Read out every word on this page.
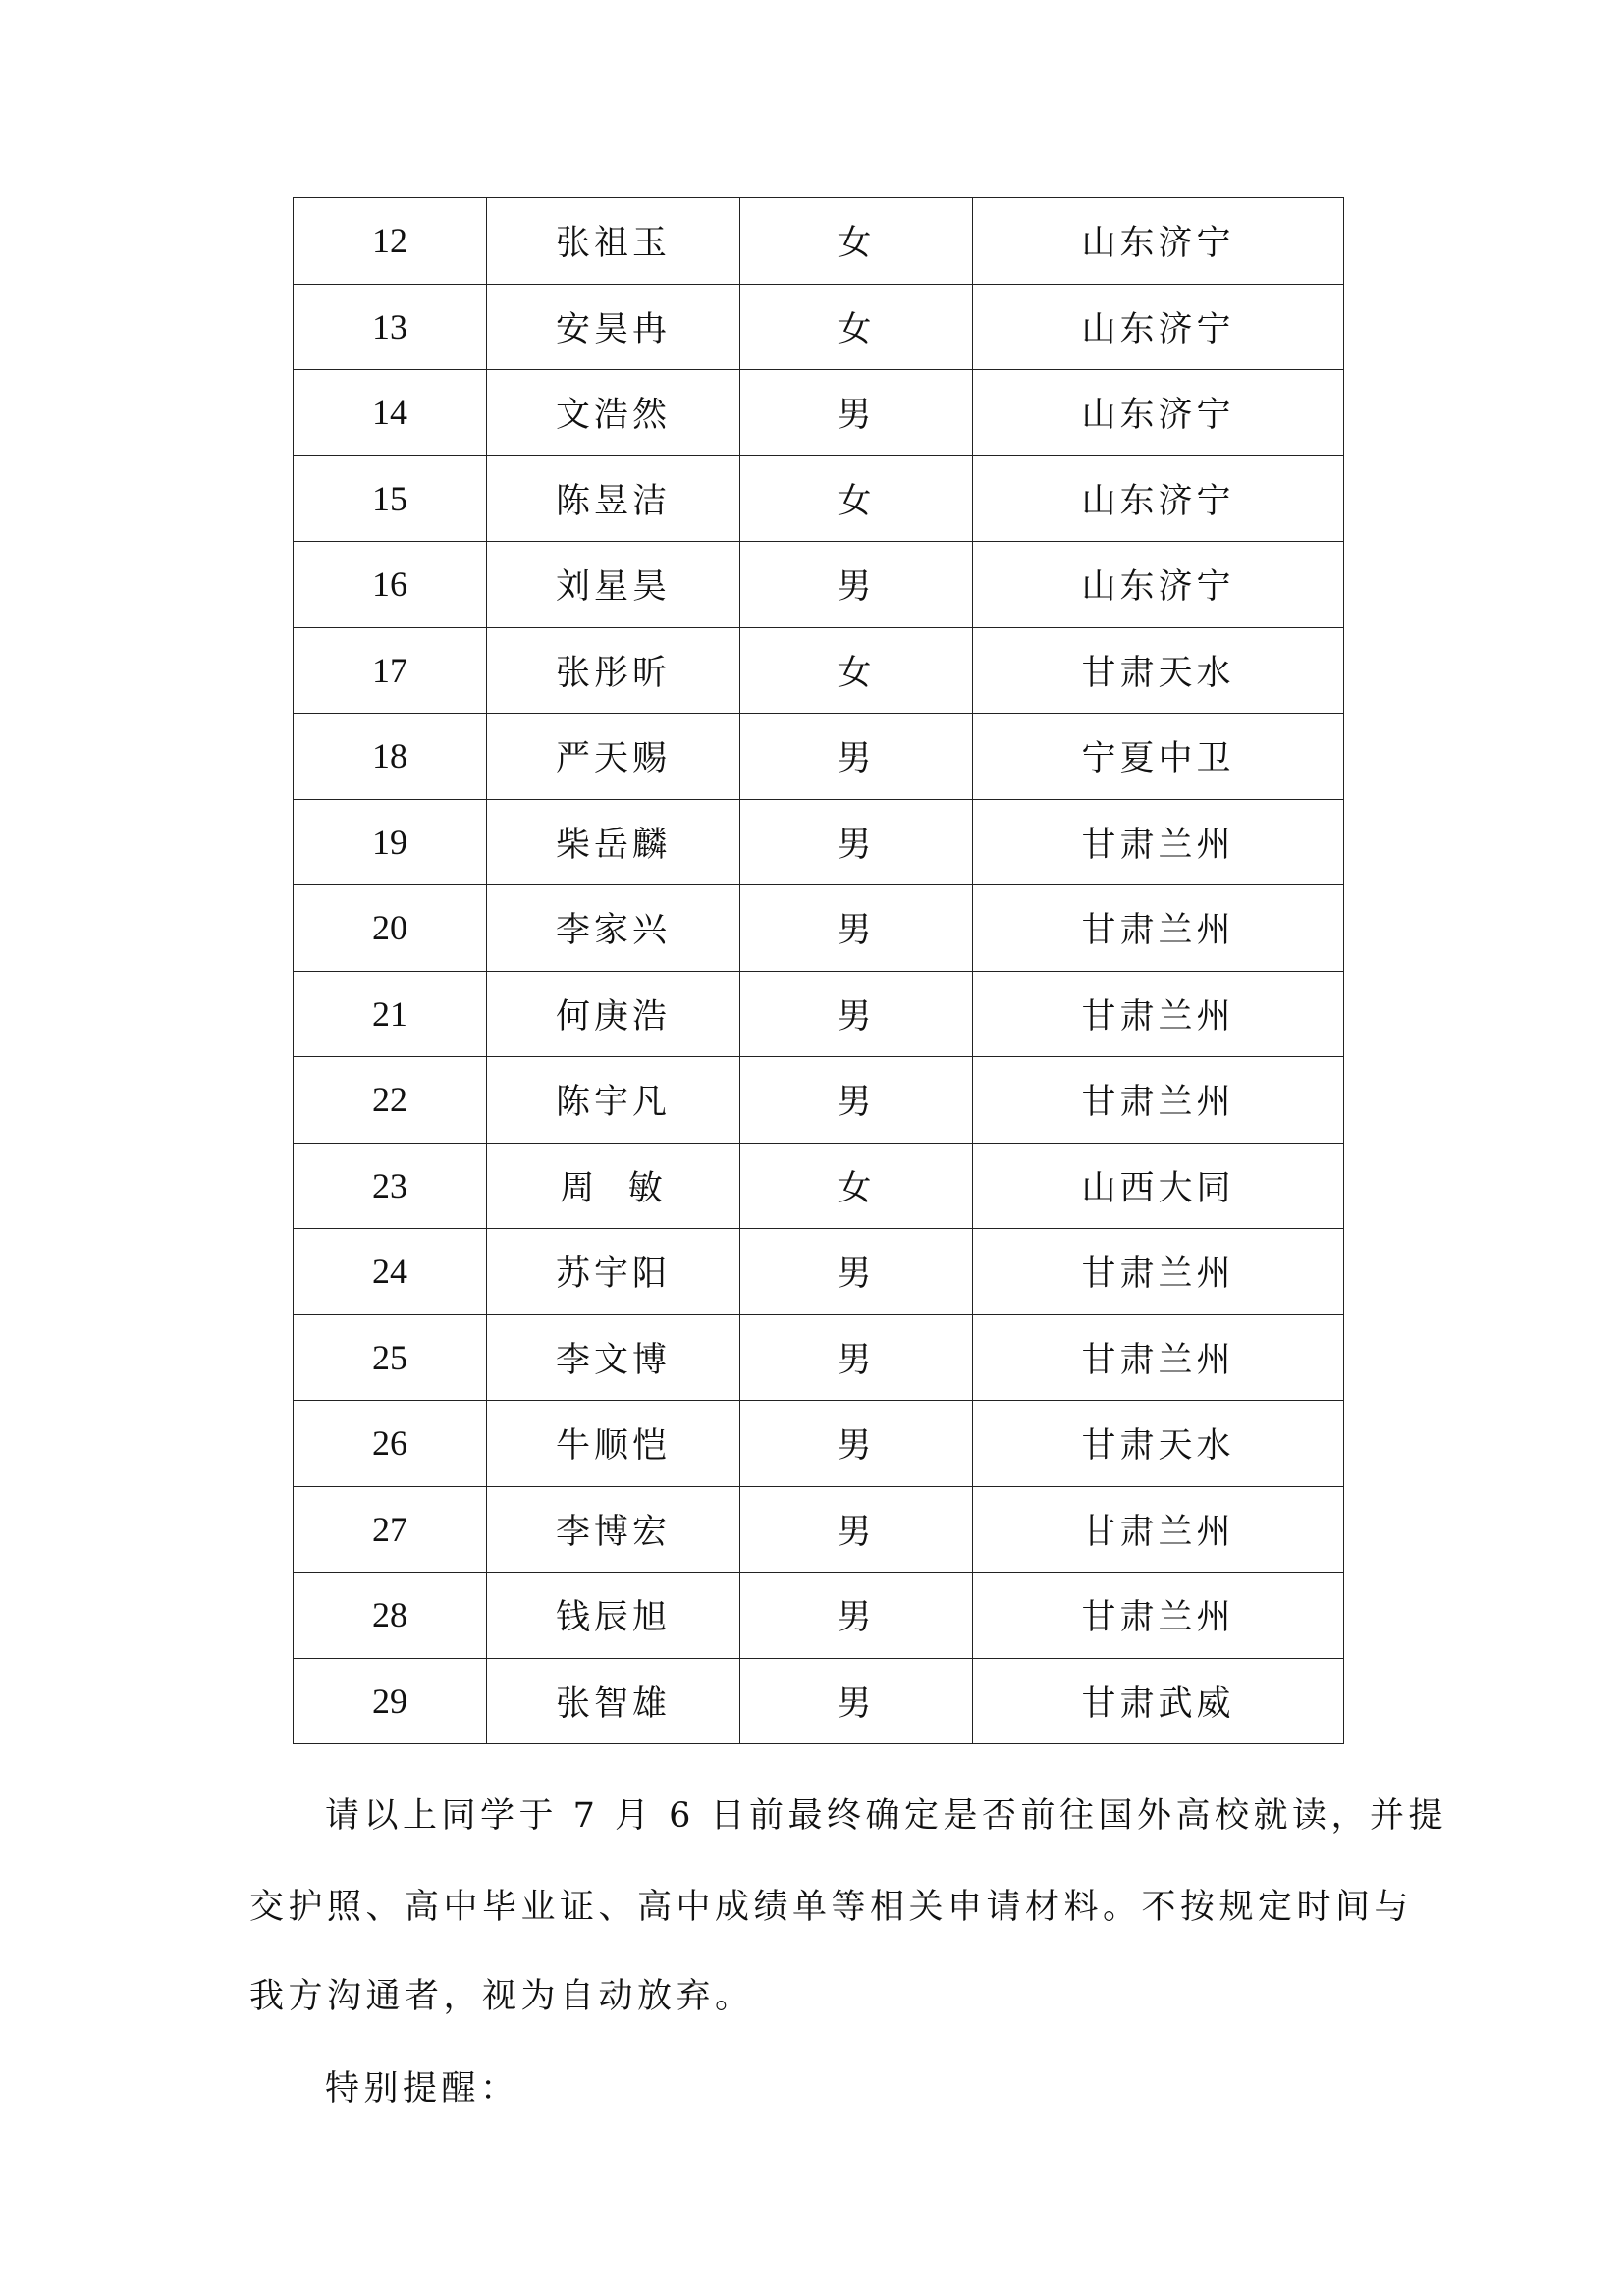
12	张祖玉	女	山东济宁
13	安昊冉	女	山东济宁
14	文浩然	男	山东济宁
15	陈昱洁	女	山东济宁
16	刘星昊	男	山东济宁
17	张彤昕	女	甘肃天水
18	严天赐	男	宁夏中卫
19	柴岳麟	男	甘肃兰州
20	李家兴	男	甘肃兰州
21	何庚浩	男	甘肃兰州
22	陈宇凡	男	甘肃兰州
23	周  敏	女	山西大同
24	苏宇阳	男	甘肃兰州
25	李文博	男	甘肃兰州
26	牛顺恺	男	甘肃天水
27	李博宏	男	甘肃兰州
28	钱辰旭	男	甘肃兰州
29	张智雄	男	甘肃武威

请以上同学于 7 月 6 日前最终确定是否前往国外高校就读，并提

交护照、高中毕业证、高中成绩单等相关申请材料。不按规定时间与

我方沟通者，视为自动放弃。

特别提醒：
